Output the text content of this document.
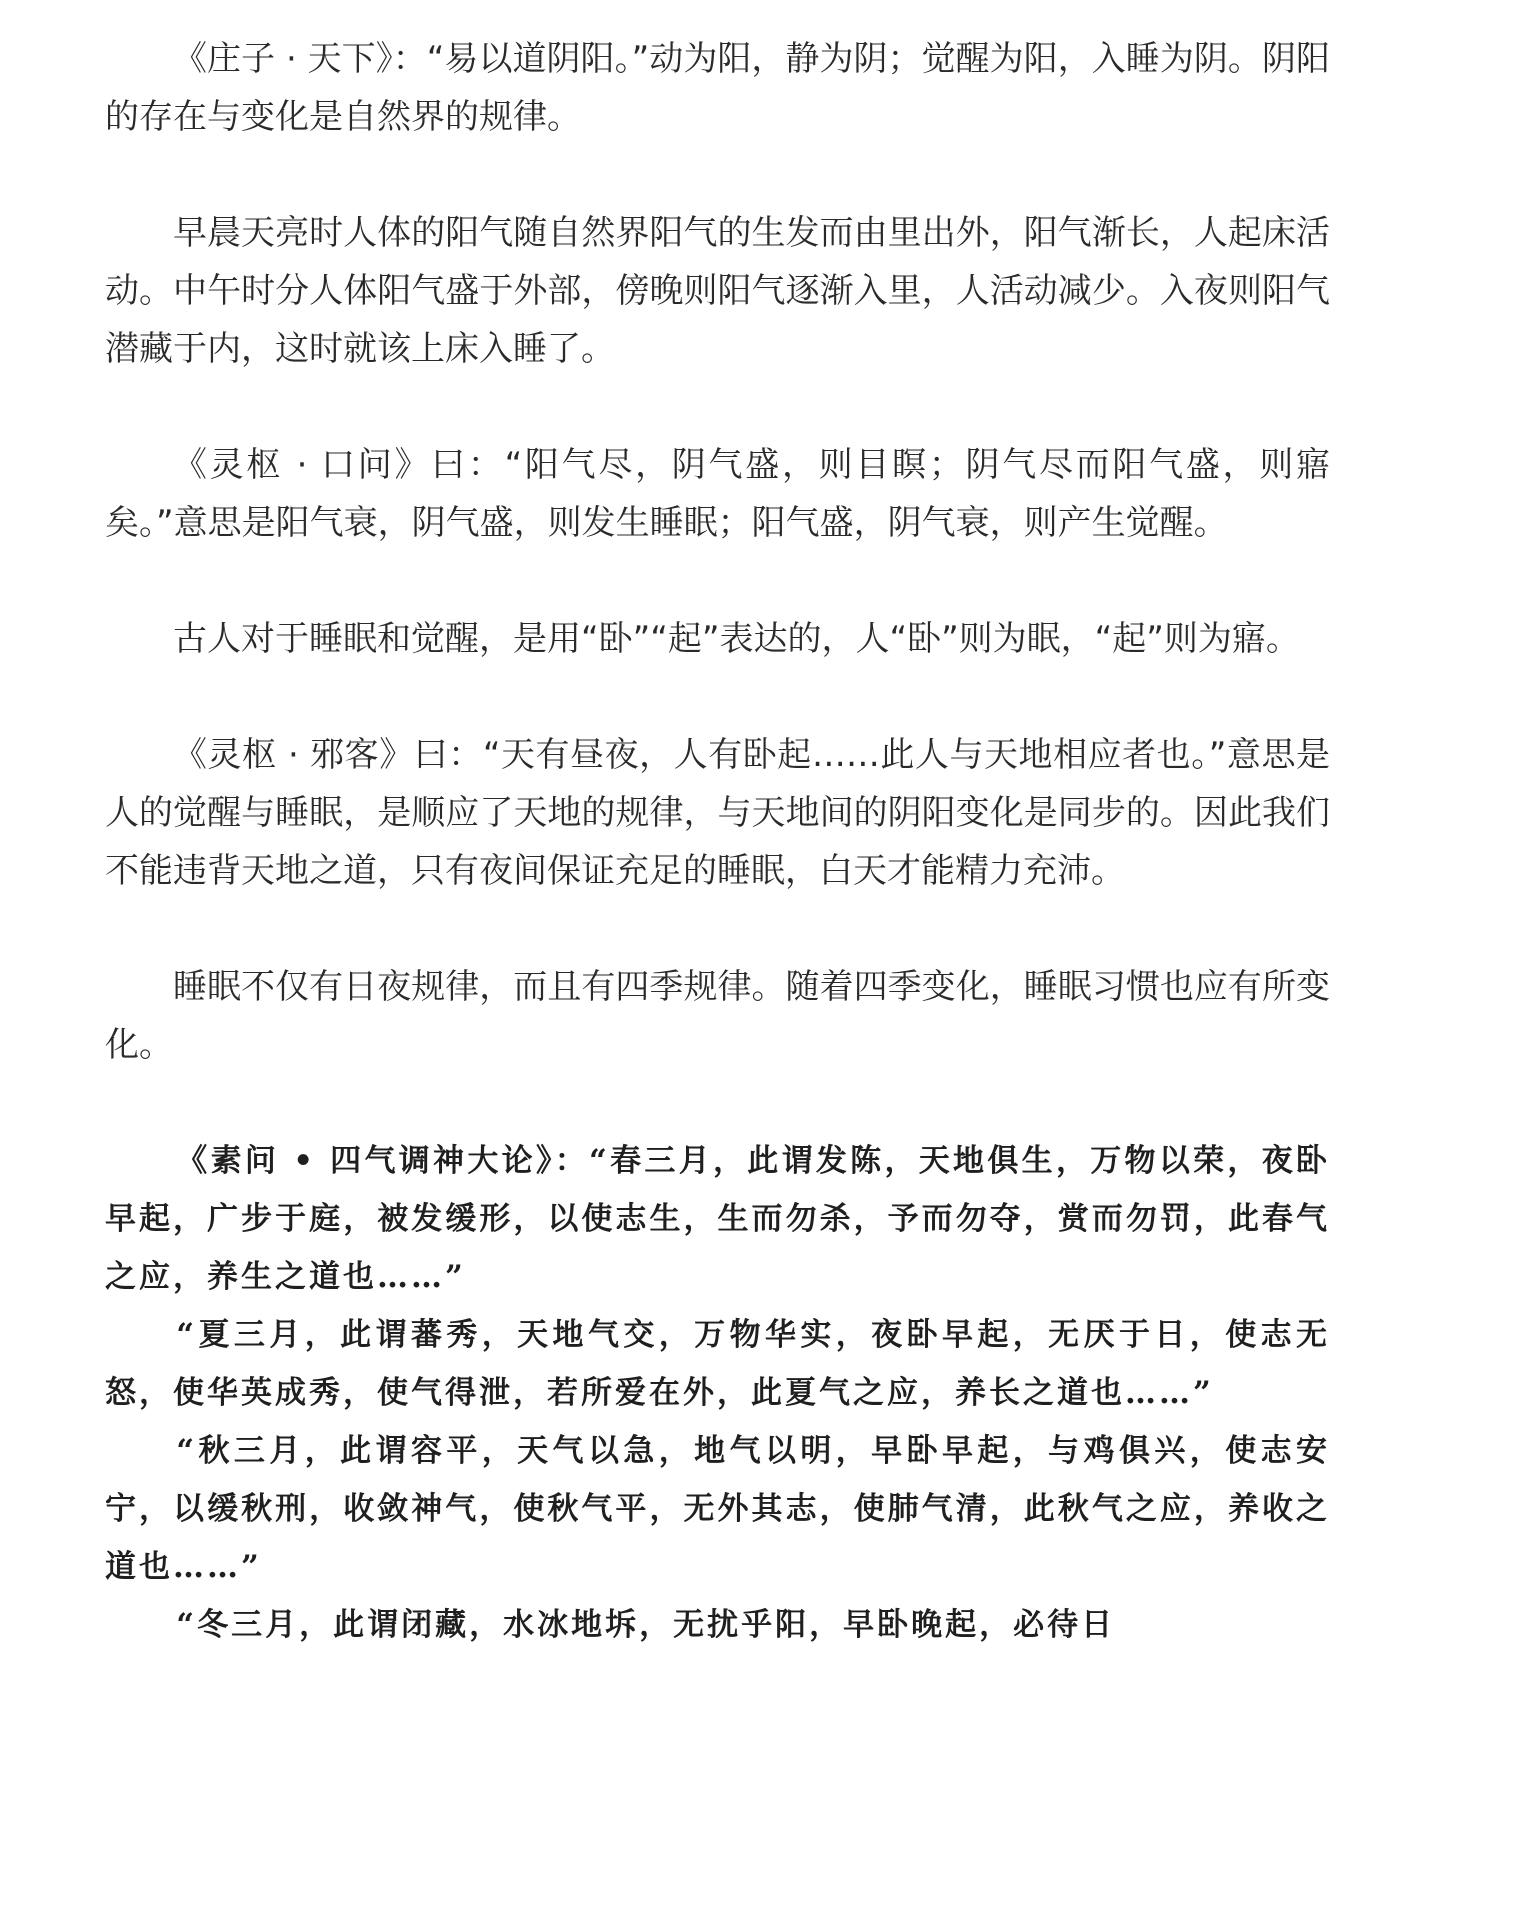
《庄子 · 天下》：“易以道阴阳。”动为阳，静为阴；觉醒为阳，入睡为阴。阴阳的存在与变化是自然界的规律。

早晨天亮时人体的阳气随自然界阳气的生发而由里出外，阳气渐长，人起床活动。中午时分人体阳气盛于外部，傍晚则阳气逐渐入里，人活动减少。入夜则阳气潜藏于内，这时就该上床入睡了。

《灵枢 · 口问》曰：“阳气尽，阴气盛，则目瞑；阴气尽而阳气盛，则寤矣。”意思是阳气衰，阴气盛，则发生睡眠；阳气盛，阴气衰，则产生觉醒。

古人对于睡眠和觉醒，是用“卧”“起”表达的，人“卧”则为眠，“起”则为寤。

《灵枢 · 邪客》曰：“天有昼夜，人有卧起……此人与天地相应者也。”意思是人的觉醒与睡眠，是顺应了天地的规律，与天地间的阴阳变化是同步的。因此我们不能违背天地之道，只有夜间保证充足的睡眠，白天才能精力充沛。

睡眠不仅有日夜规律，而且有四季规律。随着四季变化，睡眠习惯也应有所变化。

《素问 • 四气调神大论》：“春三月，此谓发陈，天地俱生，万物以荣，夜卧早起，广步于庭，被发缓形，以使志生，生而勿杀，予而勿夺，赏而勿罚，此春气之应，养生之道也……”

“夏三月，此谓蕃秀，天地气交，万物华实，夜卧早起，无厌于日，使志无怒，使华英成秀，使气得泄，若所爱在外，此夏气之应，养长之道也……”

“秋三月，此谓容平，天气以急，地气以明，早卧早起，与鸡俱兴，使志安宁，以缓秋刑，收敛神气，使秋气平，无外其志，使肺气清，此秋气之应，养收之道也……”

“冬三月，此谓闭藏，水冰地坼，无扰乎阳，早卧晚起，必待日
